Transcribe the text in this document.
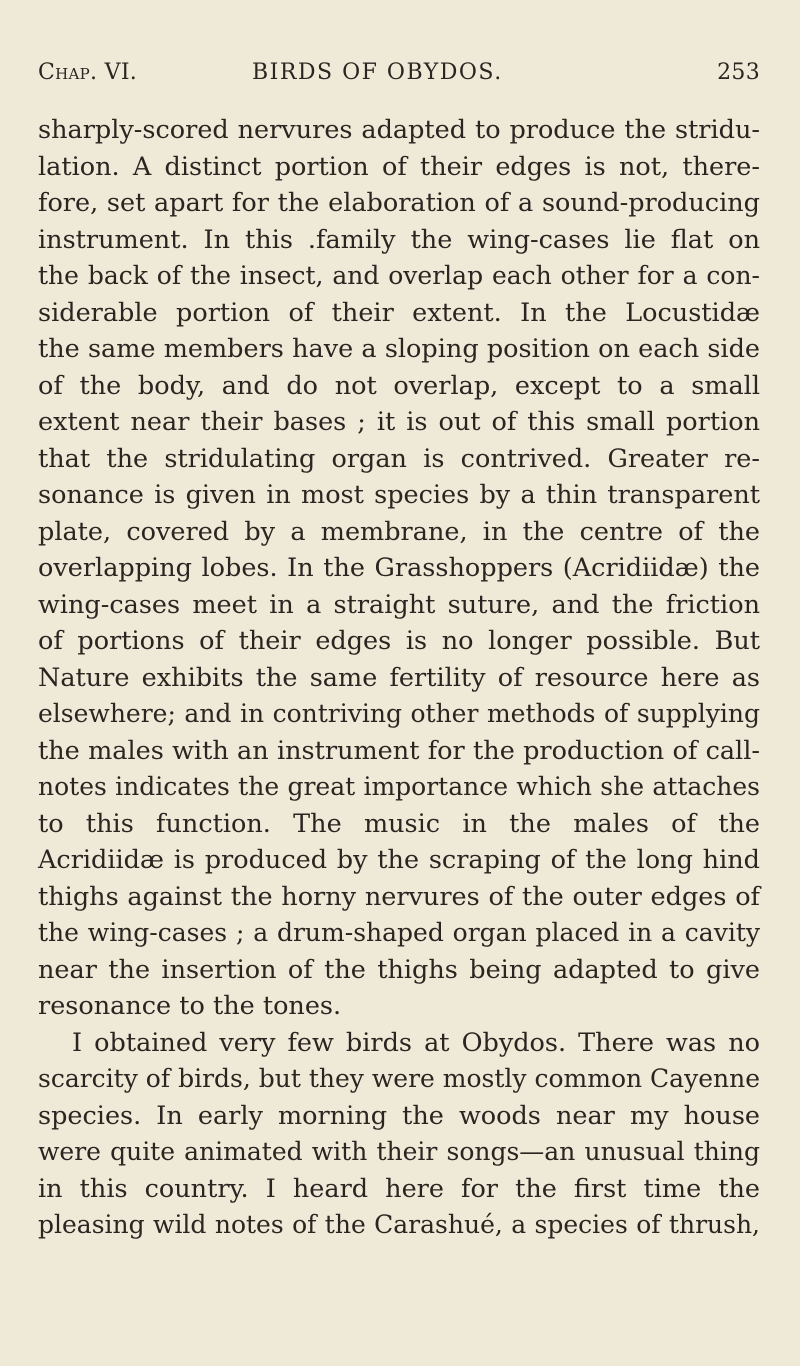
Chap. VI.	BIRDS OF OBYDOS.	253
sharply-scored nervures adapted to produce the stridu-
lation. A distinct portion of their edges is not, there-
fore, set apart for the elaboration of a sound-producing
instrument. In this .family the wing-cases lie flat on
the back of the insect, and overlap each other for a con-
siderable portion of their extent. In the Locustidæ
the same members have a sloping position on each side
of the body, and do not overlap, except to a small
extent near their bases ; it is out of this small portion
that the stridulating organ is contrived. Greater re-
sonance is given in most species by a thin transparent
plate, covered by a membrane, in the centre of the
overlapping lobes. In the Grasshoppers (Acridiidæ) the
wing-cases meet in a straight suture, and the friction
of portions of their edges is no longer possible. But
Nature exhibits the same fertility of resource here as
elsewhere; and in contriving other methods of supplying
the males with an instrument for the production of call-
notes indicates the great importance which she attaches
to this function. The music in the males of the
Acridiidæ is produced by the scraping of the long hind
thighs against the horny nervures of the outer edges of
the wing-cases ; a drum-shaped organ placed in a cavity
near the insertion of the thighs being adapted to give
resonance to the tones.
I obtained very few birds at Obydos. There was no
scarcity of birds, but they were mostly common Cayenne
species. In early morning the woods near my house
were quite animated with their songs—an unusual thing
in this country. I heard here for the first time the
pleasing wild notes of the Carashué, a species of thrush,
